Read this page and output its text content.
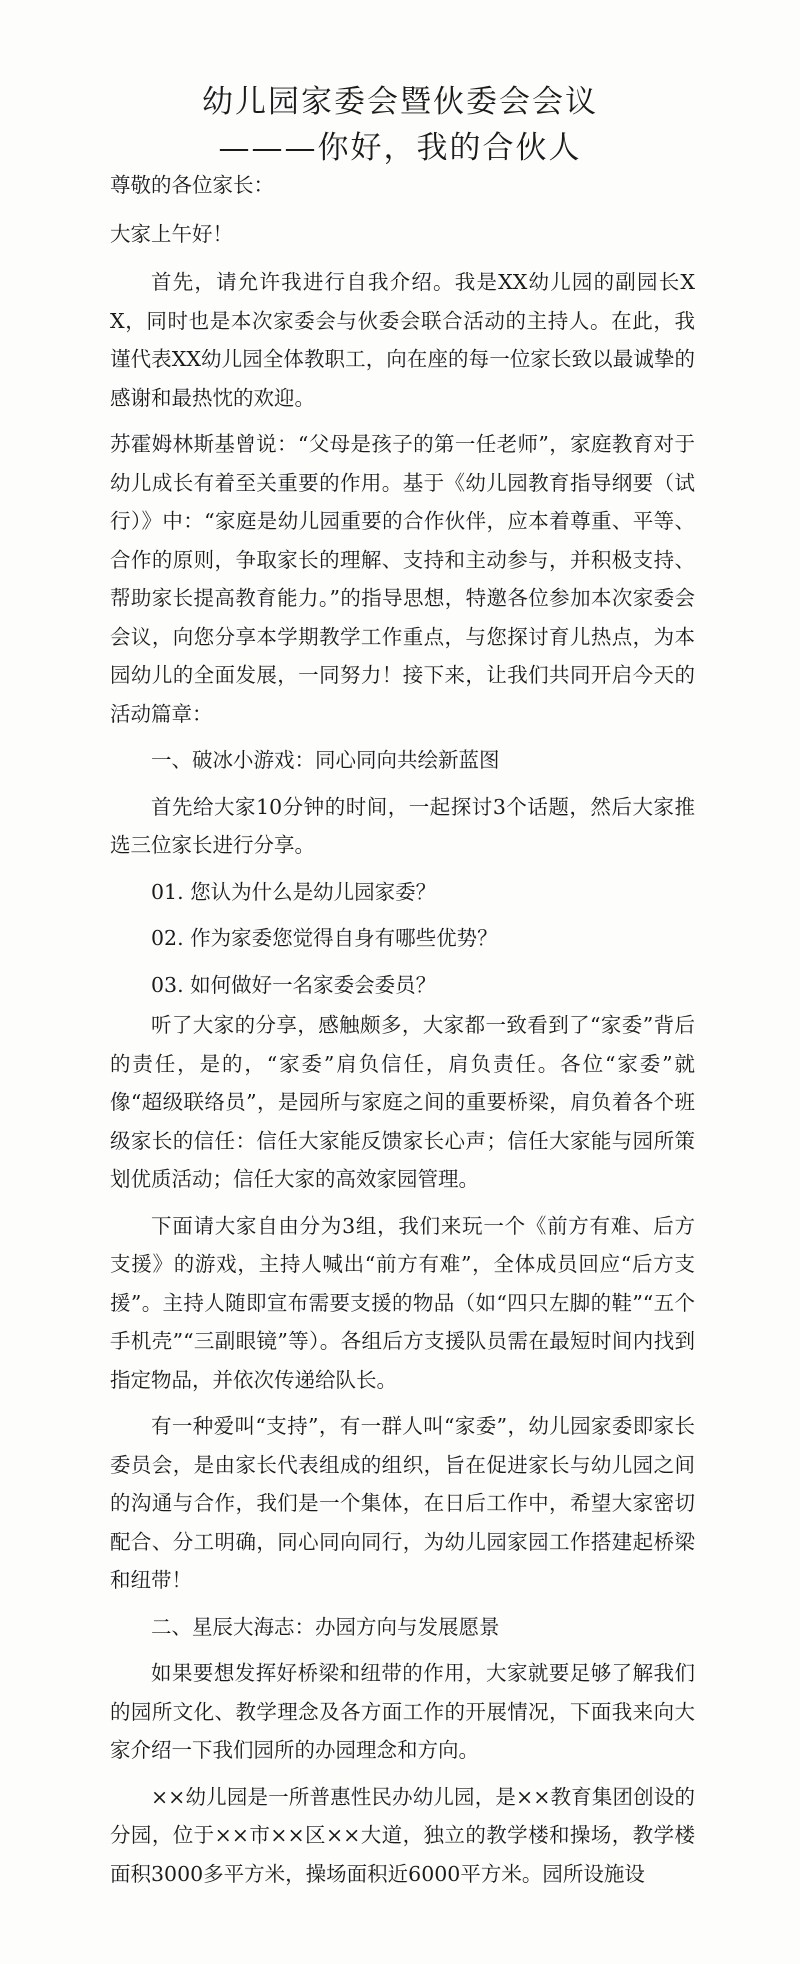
幼儿园家委会暨伙委会会议
———你好，我的合伙人

尊敬的各位家长：

大家上午好！

首先，请允许我进行自我介绍。我是XX幼儿园的副园长XX，同时也是本次家委会与伙委会联合活动的主持人。在此，我谨代表XX幼儿园全体教职工，向在座的每一位家长致以最诚挚的感谢和最热忱的欢迎。

苏霍姆林斯基曾说：“父母是孩子的第一任老师”，家庭教育对于幼儿成长有着至关重要的作用。基于《幼儿园教育指导纲要（试行）》中：“家庭是幼儿园重要的合作伙伴，应本着尊重、平等、合作的原则，争取家长的理解、支持和主动参与，并积极支持、帮助家长提高教育能力。”的指导思想，特邀各位参加本次家委会会议，向您分享本学期教学工作重点，与您探讨育儿热点，为本园幼儿的全面发展，一同努力！接下来，让我们共同开启今天的活动篇章：

一、破冰小游戏：同心同向共绘新蓝图

首先给大家10分钟的时间，一起探讨3个话题，然后大家推选三位家长进行分享。

01. 您认为什么是幼儿园家委？

02. 作为家委您觉得自身有哪些优势？

03. 如何做好一名家委会委员？

听了大家的分享，感触颇多，大家都一致看到了“家委”背后的责任，是的，“家委”肩负信任，肩负责任。各位“家委”就像“超级联络员”，是园所与家庭之间的重要桥梁，肩负着各个班级家长的信任：信任大家能反馈家长心声；信任大家能与园所策划优质活动；信任大家的高效家园管理。

下面请大家自由分为3组，我们来玩一个《前方有难、后方支援》的游戏，主持人喊出“前方有难”，全体成员回应“后方支援”。主持人随即宣布需要支援的物品（如“四只左脚的鞋”“五个手机壳”“三副眼镜”等）。各组后方支援队员需在最短时间内找到指定物品，并依次传递给队长。

有一种爱叫“支持”，有一群人叫“家委”，幼儿园家委即家长委员会，是由家长代表组成的组织，旨在促进家长与幼儿园之间的沟通与合作，我们是一个集体，在日后工作中，希望大家密切配合、分工明确，同心同向同行，为幼儿园家园工作搭建起桥梁和纽带！

二、星辰大海志：办园方向与发展愿景

如果要想发挥好桥梁和纽带的作用，大家就要足够了解我们的园所文化、教学理念及各方面工作的开展情况，下面我来向大家介绍一下我们园所的办园理念和方向。

××幼儿园是一所普惠性民办幼儿园，是××教育集团创设的分园，位于××市××区××大道，独立的教学楼和操场，教学楼面积3000多平方米，操场面积近6000平方米。园所设施设
